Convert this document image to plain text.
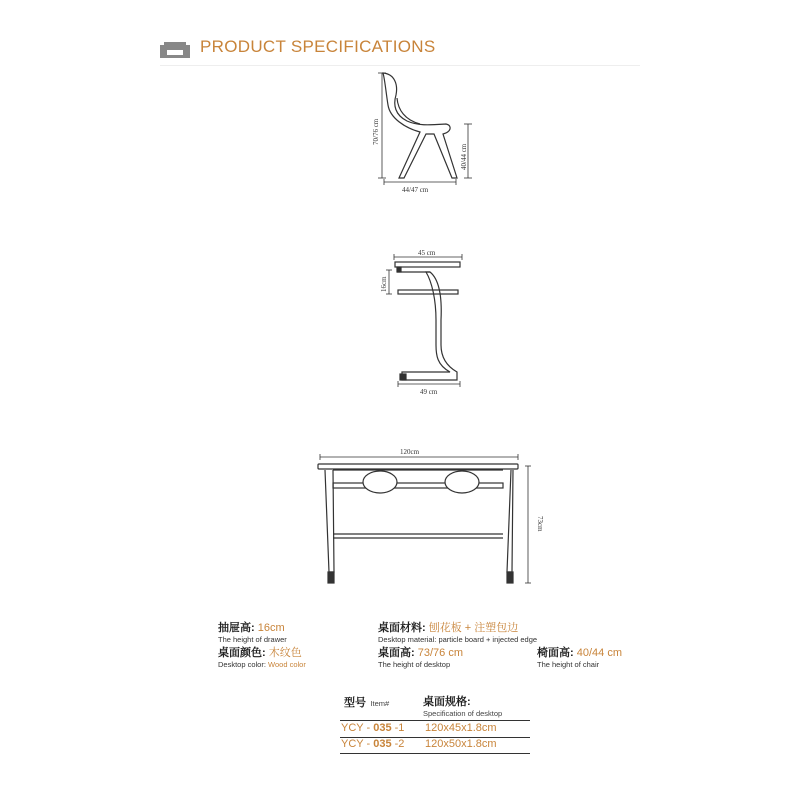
PRODUCT SPECIFICATIONS
70/76 cm
40/44 cm
44/47 cm
45 cm
16cm
49 cm
120cm
73cm
抽屉高: 16cm
The height of drawer
桌面材料: 刨花板 + 注塑包边
Desktop material: particle board + injected edge
桌面颜色: 木纹色
Desktop color: Wood color
桌面高: 73/76 cm
The height of desktop
椅面高: 40/44 cm
The height of chair
型号 Item#	桌面规格:
Specification of desktop
YCY - 035 -1 120x45x1.8cm
YCY - 035 -2 120x50x1.8cm
